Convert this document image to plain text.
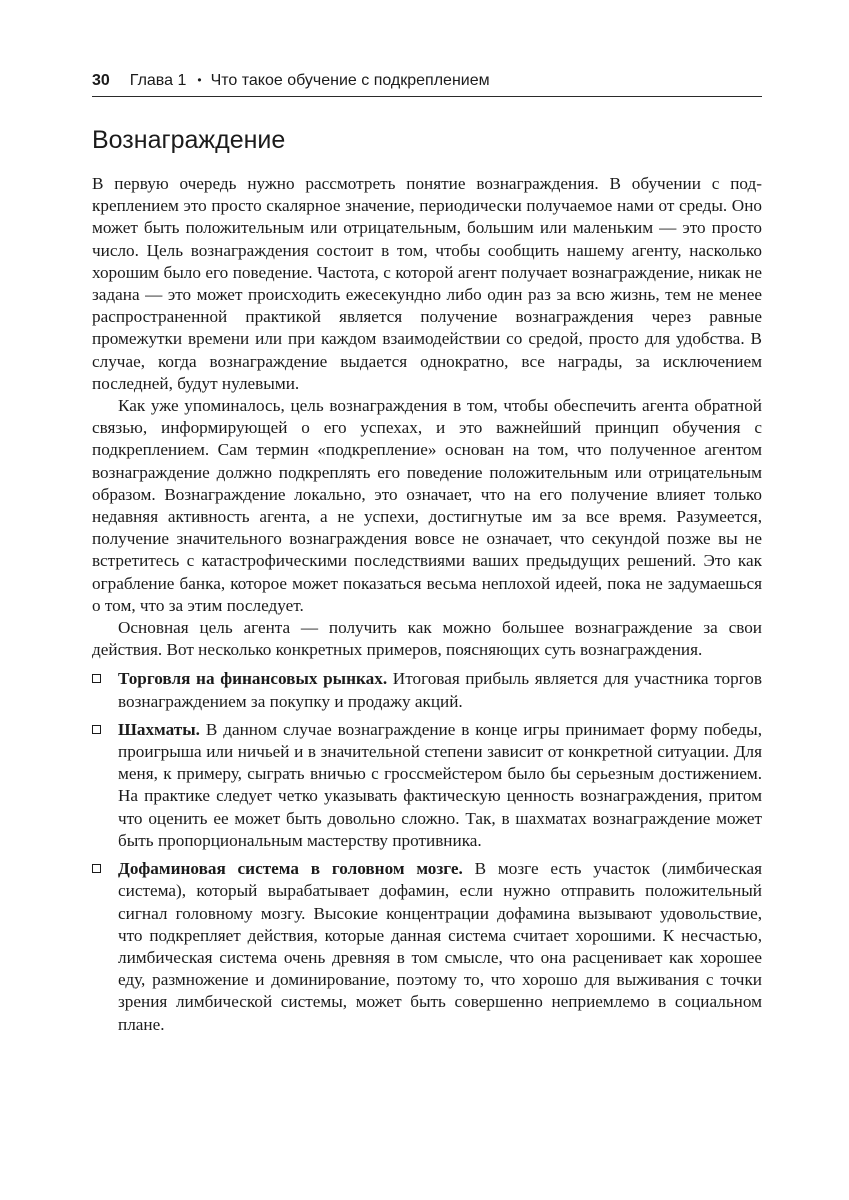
30 Глава 1 • Что такое обучение с подкреплением
Вознаграждение

В первую очередь нужно рассмотреть понятие вознаграждения. В обучении с подкреплением это просто скалярное значение, периодически получаемое нами от среды. Оно может быть положительным или отрицательным, большим или маленьким — это просто число. Цель вознаграждения состоит в том, чтобы сообщить нашему агенту, насколько хорошим было его поведение. Частота, с которой агент получает вознаграждение, никак не задана — это может происходить ежесекундно либо один раз за всю жизнь, тем не менее распространенной практикой является получение вознаграждения через равные промежутки времени или при каждом взаимодействии со средой, просто для удобства. В случае, когда вознаграждение выдается однократно, все награды, за исключением последней, будут нулевыми.

Как уже упоминалось, цель вознаграждения в том, чтобы обеспечить агента обратной связью, информирующей о его успехах, и это важнейший принцип обучения с подкреплением. Сам термин «подкрепление» основан на том, что полученное агентом вознаграждение должно подкреплять его поведение положительным или отрицательным образом. Вознаграждение локально, это означает, что на его получение влияет только недавняя активность агента, а не успехи, достигнутые им за все время. Разумеется, получение значительного вознаграждения вовсе не означает, что секундой позже вы не встретитесь с катастрофическими последствиями ваших предыдущих решений. Это как ограбление банка, которое может показаться весьма неплохой идеей, пока не задумаешься о том, что за этим последует.

Основная цель агента — получить как можно большее вознаграждение за свои действия. Вот несколько конкретных примеров, поясняющих суть вознаграждения.

Торговля на финансовых рынках. Итоговая прибыль является для участника торгов вознаграждением за покупку и продажу акций.
Шахматы. В данном случае вознаграждение в конце игры принимает форму победы, проигрыша или ничьей и в значительной степени зависит от конкретной ситуации. Для меня, к примеру, сыграть вничью с гроссмейстером было бы серьезным достижением. На практике следует четко указывать фактическую ценность вознаграждения, притом что оценить ее может быть довольно сложно. Так, в шахматах вознаграждение может быть пропорциональным мастерству противника.
Дофаминовая система в головном мозге. В мозге есть участок (лимбическая система), который вырабатывает дофамин, если нужно отправить положительный сигнал головному мозгу. Высокие концентрации дофамина вызывают удовольствие, что подкрепляет действия, которые данная система считает хорошими. К несчастью, лимбическая система очень древняя в том смысле, что она расценивает как хорошее еду, размножение и доминирование, поэтому то, что хорошо для выживания с точки зрения лимбической системы, может быть совершенно неприемлемо в социальном плане.
